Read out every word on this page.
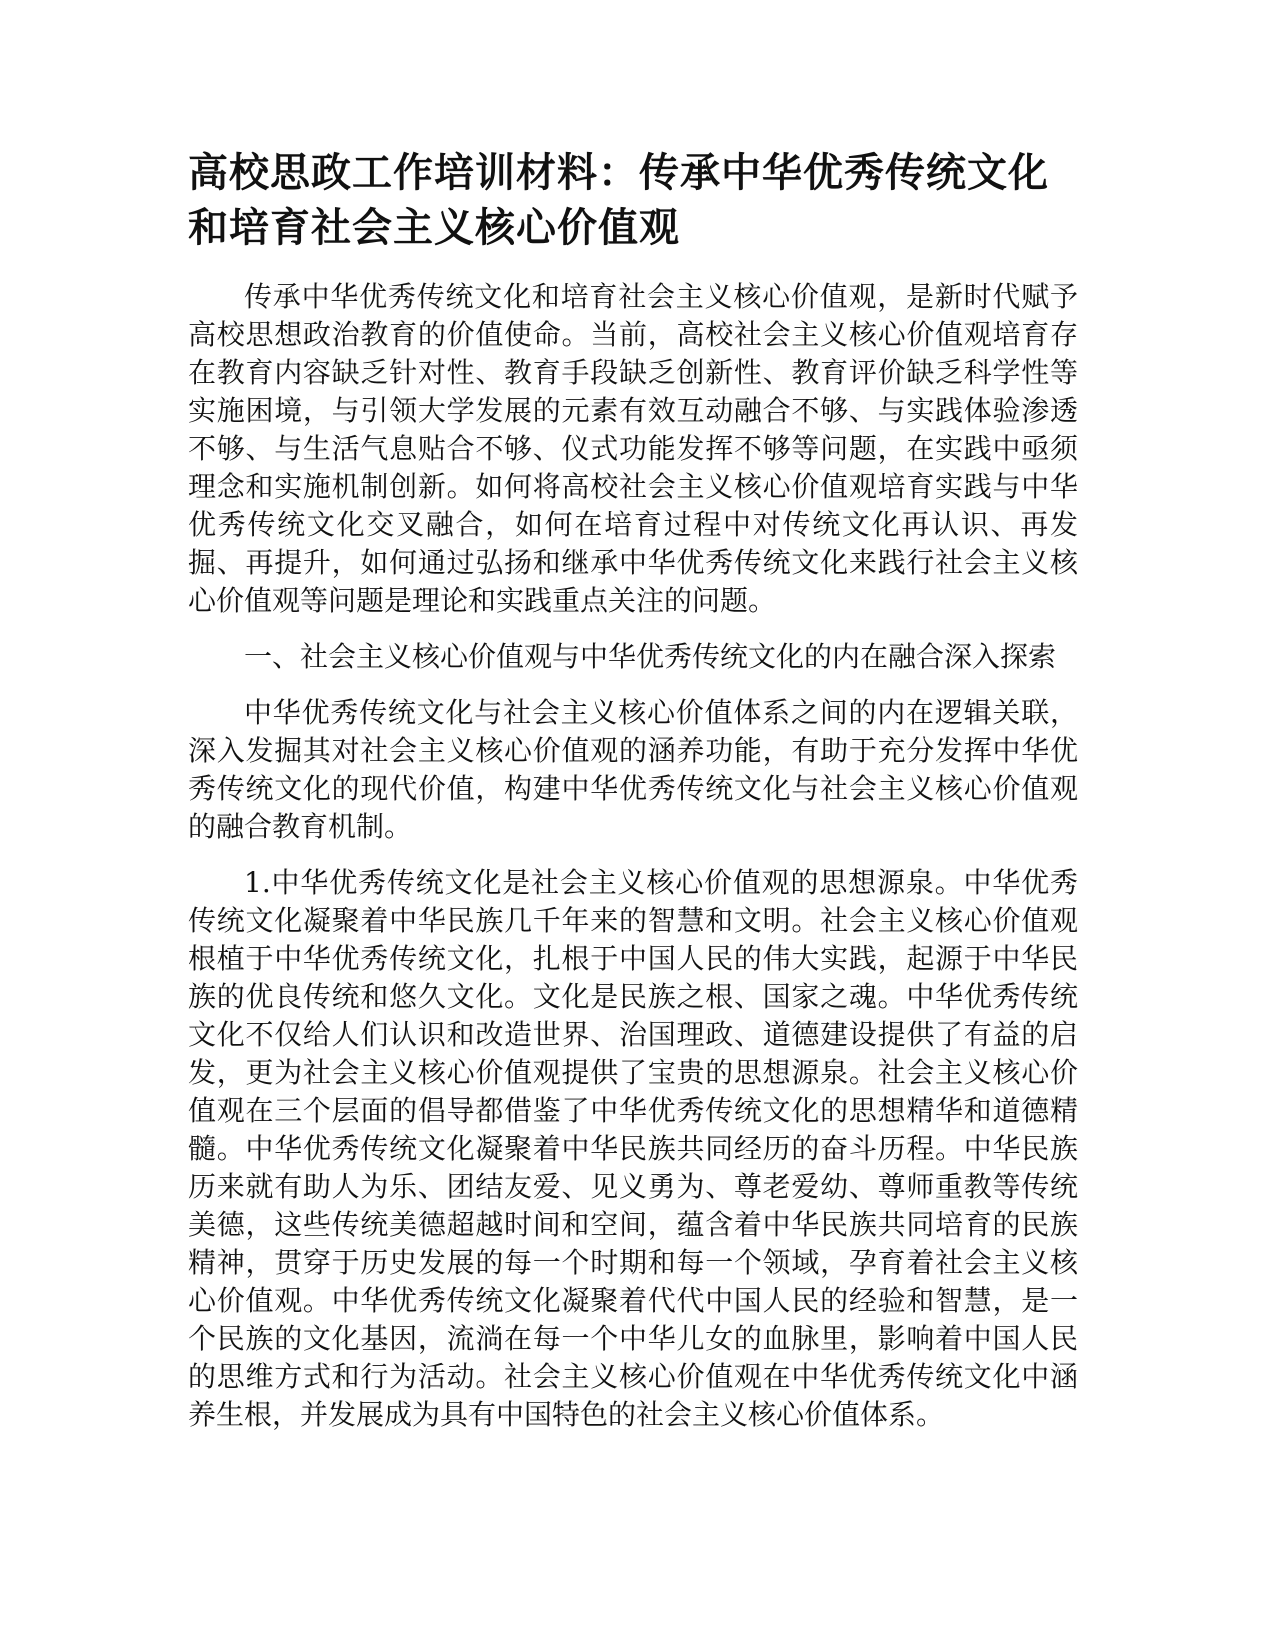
高校思政工作培训材料：传承中华优秀传统文化和培育社会主义核心价值观

传承中华优秀传统文化和培育社会主义核心价值观，是新时代赋予高校思想政治教育的价值使命。当前，高校社会主义核心价值观培育存在教育内容缺乏针对性、教育手段缺乏创新性、教育评价缺乏科学性等实施困境，与引领大学发展的元素有效互动融合不够、与实践体验渗透不够、与生活气息贴合不够、仪式功能发挥不够等问题，在实践中亟须理念和实施机制创新。如何将高校社会主义核心价值观培育实践与中华优秀传统文化交叉融合，如何在培育过程中对传统文化再认识、再发掘、再提升，如何通过弘扬和继承中华优秀传统文化来践行社会主义核心价值观等问题是理论和实践重点关注的问题。

一、社会主义核心价值观与中华优秀传统文化的内在融合深入探索

中华优秀传统文化与社会主义核心价值体系之间的内在逻辑关联，深入发掘其对社会主义核心价值观的涵养功能，有助于充分发挥中华优秀传统文化的现代价值，构建中华优秀传统文化与社会主义核心价值观的融合教育机制。

1.中华优秀传统文化是社会主义核心价值观的思想源泉。中华优秀传统文化凝聚着中华民族几千年来的智慧和文明。社会主义核心价值观根植于中华优秀传统文化，扎根于中国人民的伟大实践，起源于中华民族的优良传统和悠久文化。文化是民族之根、国家之魂。中华优秀传统文化不仅给人们认识和改造世界、治国理政、道德建设提供了有益的启发，更为社会主义核心价值观提供了宝贵的思想源泉。社会主义核心价值观在三个层面的倡导都借鉴了中华优秀传统文化的思想精华和道德精髓。中华优秀传统文化凝聚着中华民族共同经历的奋斗历程。中华民族历来就有助人为乐、团结友爱、见义勇为、尊老爱幼、尊师重教等传统美德，这些传统美德超越时间和空间，蕴含着中华民族共同培育的民族精神，贯穿于历史发展的每一个时期和每一个领域，孕育着社会主义核心价值观。中华优秀传统文化凝聚着代代中国人民的经验和智慧，是一个民族的文化基因，流淌在每一个中华儿女的血脉里，影响着中国人民的思维方式和行为活动。社会主义核心价值观在中华优秀传统文化中涵养生根，并发展成为具有中国特色的社会主义核心价值体系。
